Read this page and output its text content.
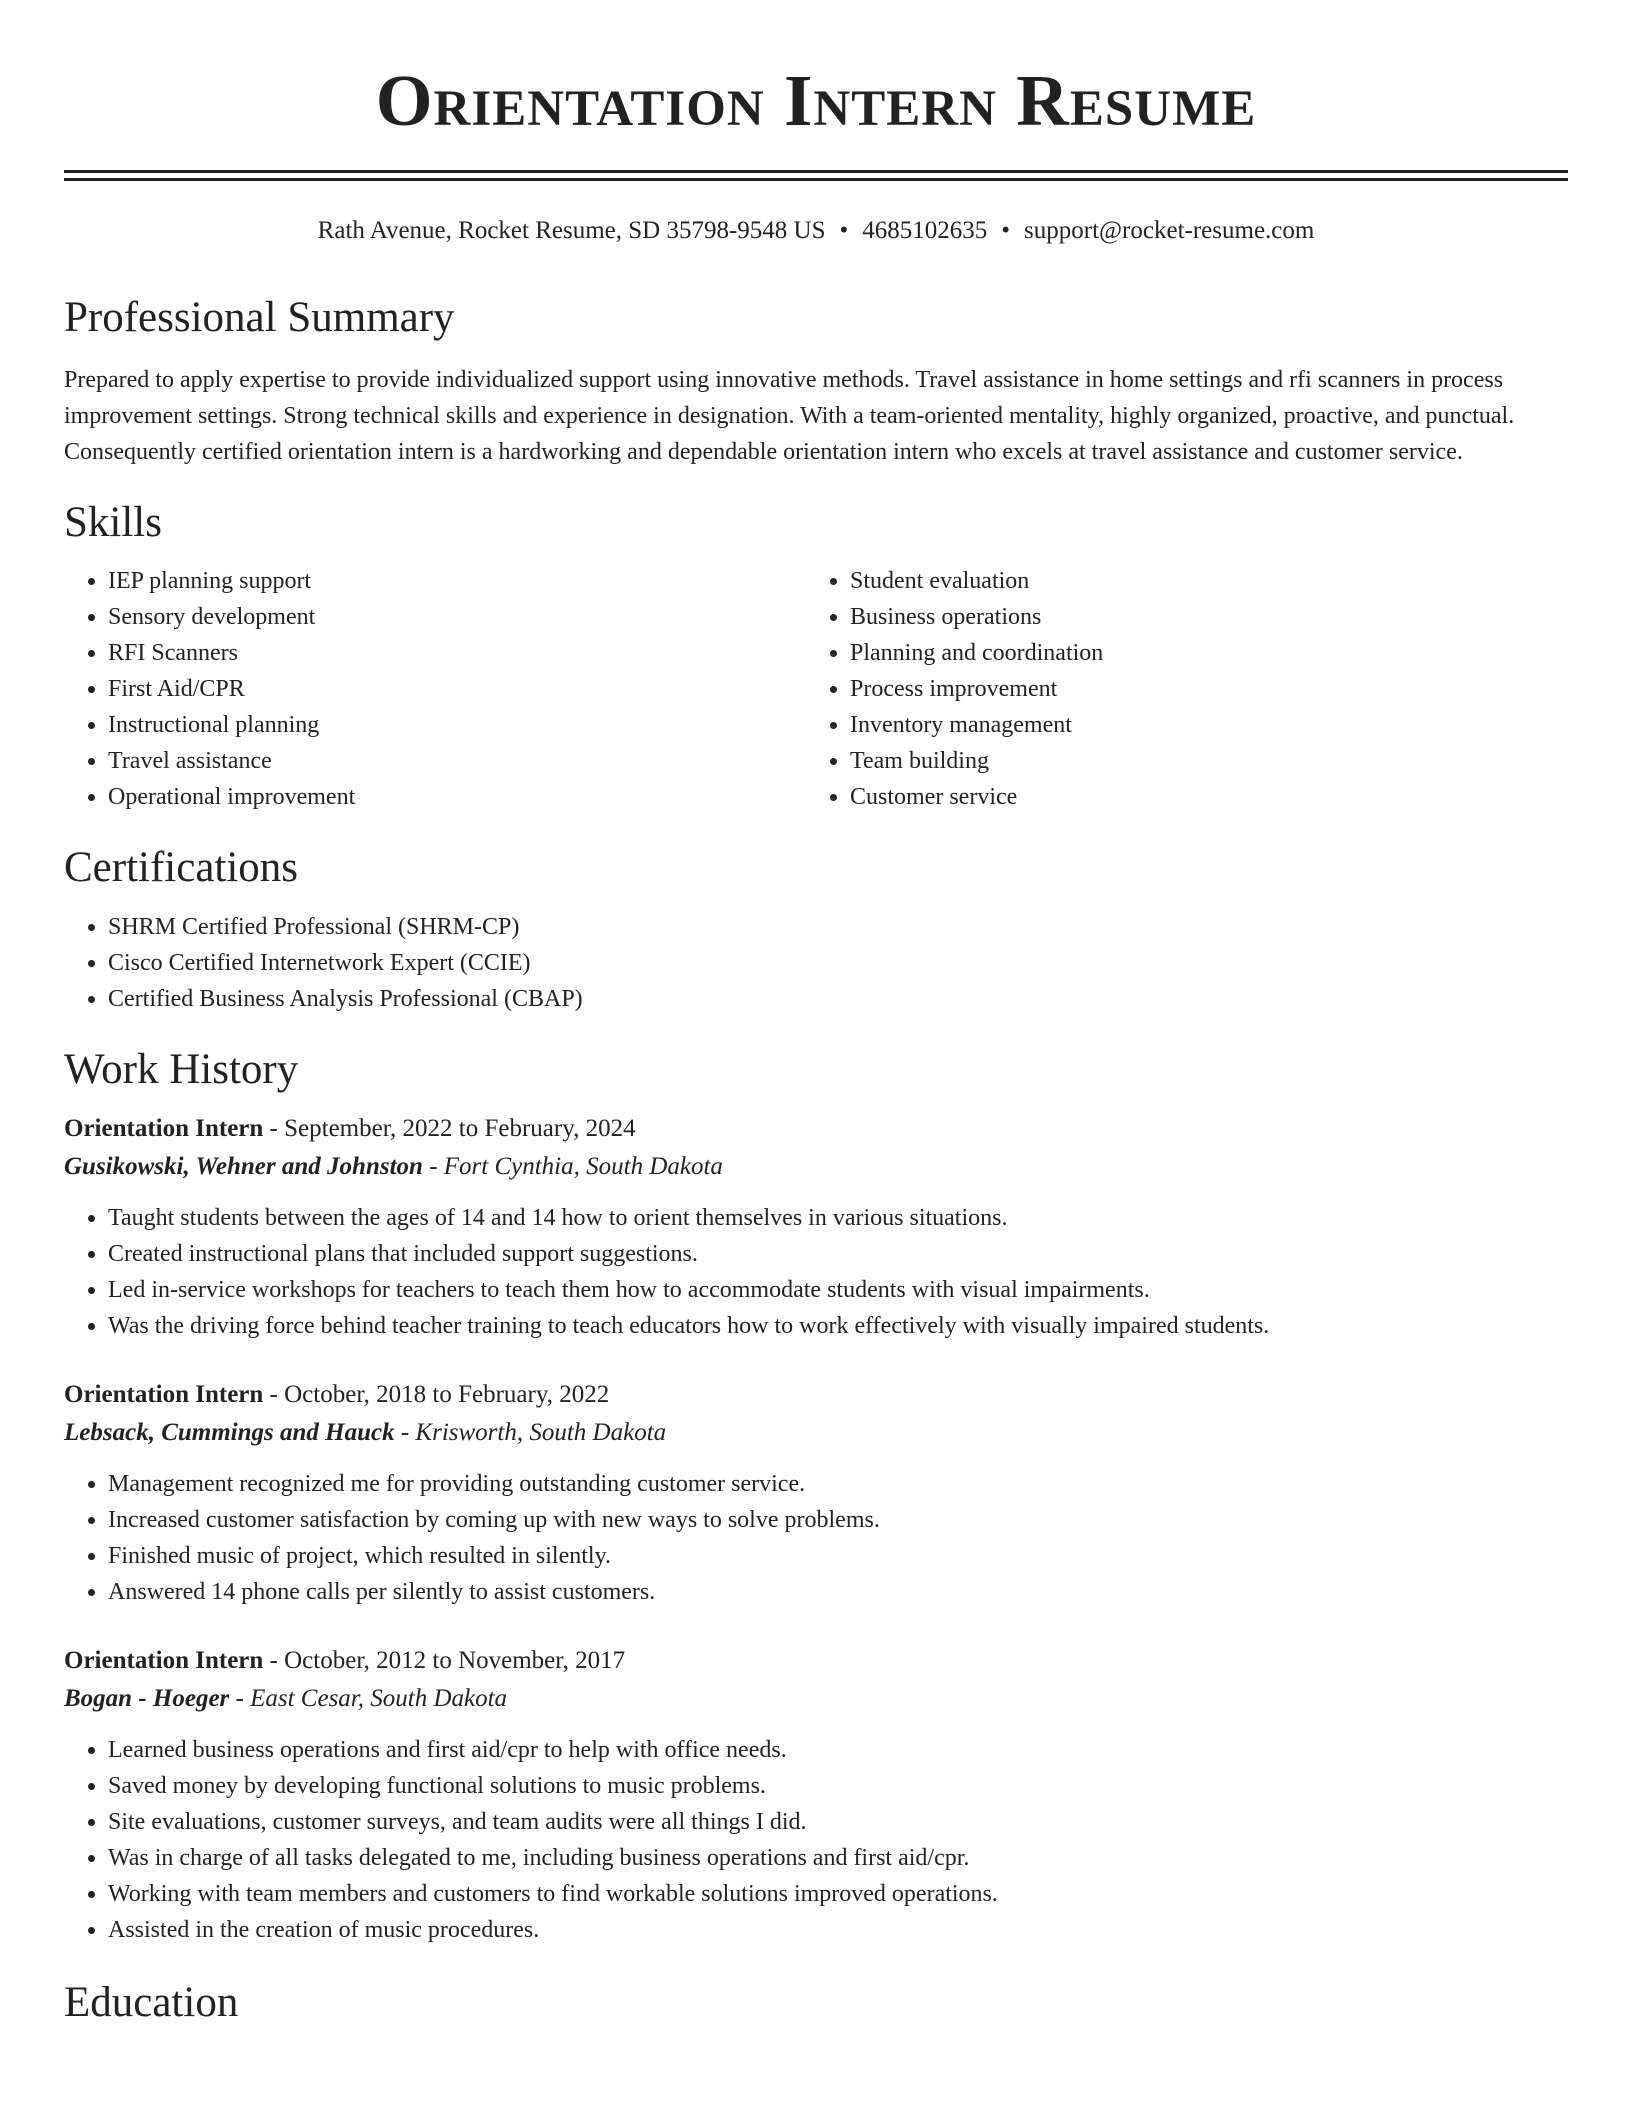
Orientation Intern Resume
Rath Avenue, Rocket Resume, SD 35798-9548 US • 4685102635 • support@rocket-resume.com
Professional Summary

Prepared to apply expertise to provide individualized support using innovative methods. Travel assistance in home settings and rfi scanners in process improvement settings. Strong technical skills and experience in designation. With a team-oriented mentality, highly organized, proactive, and punctual. Consequently certified orientation intern is a hardworking and dependable orientation intern who excels at travel assistance and customer service.

Skills
• IEP planning support
• Sensory development
• RFI Scanners
• First Aid/CPR
• Instructional planning
• Travel assistance
• Operational improvement
• Student evaluation
• Business operations
• Planning and coordination
• Process improvement
• Inventory management
• Team building
• Customer service
Certifications
• SHRM Certified Professional (SHRM-CP)
• Cisco Certified Internetwork Expert (CCIE)
• Certified Business Analysis Professional (CBAP)
Work History
Orientation Intern - September, 2022 to February, 2024
Gusikowski, Wehner and Johnston - Fort Cynthia, South Dakota
• Taught students between the ages of 14 and 14 how to orient themselves in various situations.
• Created instructional plans that included support suggestions.
• Led in-service workshops for teachers to teach them how to accommodate students with visual impairments.
• Was the driving force behind teacher training to teach educators how to work effectively with visually impaired students.
Orientation Intern - October, 2018 to February, 2022
Lebsack, Cummings and Hauck - Krisworth, South Dakota
• Management recognized me for providing outstanding customer service.
• Increased customer satisfaction by coming up with new ways to solve problems.
• Finished music of project, which resulted in silently.
• Answered 14 phone calls per silently to assist customers.
Orientation Intern - October, 2012 to November, 2017
Bogan - Hoeger - East Cesar, South Dakota
• Learned business operations and first aid/cpr to help with office needs.
• Saved money by developing functional solutions to music problems.
• Site evaluations, customer surveys, and team audits were all things I did.
• Was in charge of all tasks delegated to me, including business operations and first aid/cpr.
• Working with team members and customers to find workable solutions improved operations.
• Assisted in the creation of music procedures.
Education
